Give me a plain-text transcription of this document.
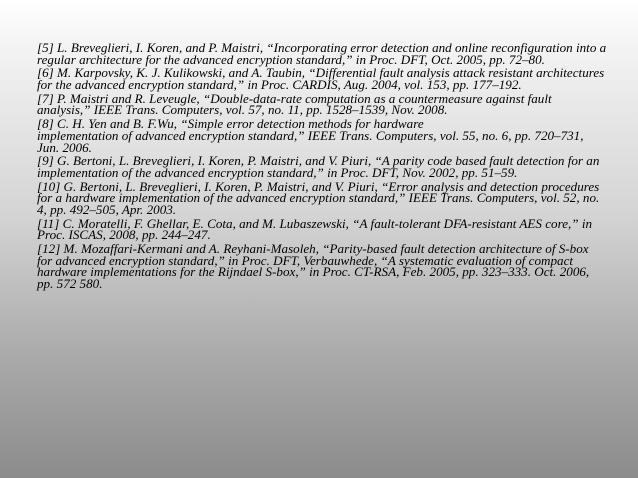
[5] L. Breveglieri, I. Koren, and P. Maistri, “Incorporating error detection and online reconfiguration into a regular architecture for the advanced encryption standard,” in Proc. DFT, Oct. 2005, pp. 72–80.
[6] M. Karpovsky, K. J. Kulikowski, and A. Taubin, “Differential fault analysis attack resistant architectures for the advanced encryption standard,” in Proc. CARDIS, Aug. 2004, vol. 153, pp. 177–192.
[7] P. Maistri and R. Leveugle, “Double-data-rate computation as a countermeasure against fault analysis,” IEEE Trans. Computers, vol. 57, no. 11, pp. 1528–1539, Nov. 2008.
[8] C. H. Yen and B. F.Wu, “Simple error detection methods for hardware
implementation of advanced encryption standard,” IEEE Trans. Computers, vol. 55, no. 6, pp. 720–731, Jun. 2006.
[9] G. Bertoni, L. Breveglieri, I. Koren, P. Maistri, and V. Piuri, “A parity code based fault detection for an implementation of the advanced encryption standard,” in Proc. DFT, Nov. 2002, pp. 51–59.
[10] G. Bertoni, L. Breveglieri, I. Koren, P. Maistri, and V. Piuri, “Error analysis and detection procedures for a hardware implementation of the advanced encryption standard,” IEEE Trans. Computers, vol. 52, no. 4, pp. 492–505, Apr. 2003.
[11] C. Moratelli, F. Ghellar, E. Cota, and M. Lubaszewski, “A fault-tolerant DFA-resistant AES core,” in Proc. ISCAS, 2008, pp. 244–247.
[12] M. Mozaffari-Kermani and A. Reyhani-Masoleh, “Parity-based fault detection architecture of S-box for advanced encryption standard,” in Proc. DFT, Verbauwhede, “A systematic evaluation of compact hardware implementations for the Rijndael S-box,” in Proc. CT-RSA, Feb. 2005, pp. 323–333. Oct. 2006, pp. 572 580.
